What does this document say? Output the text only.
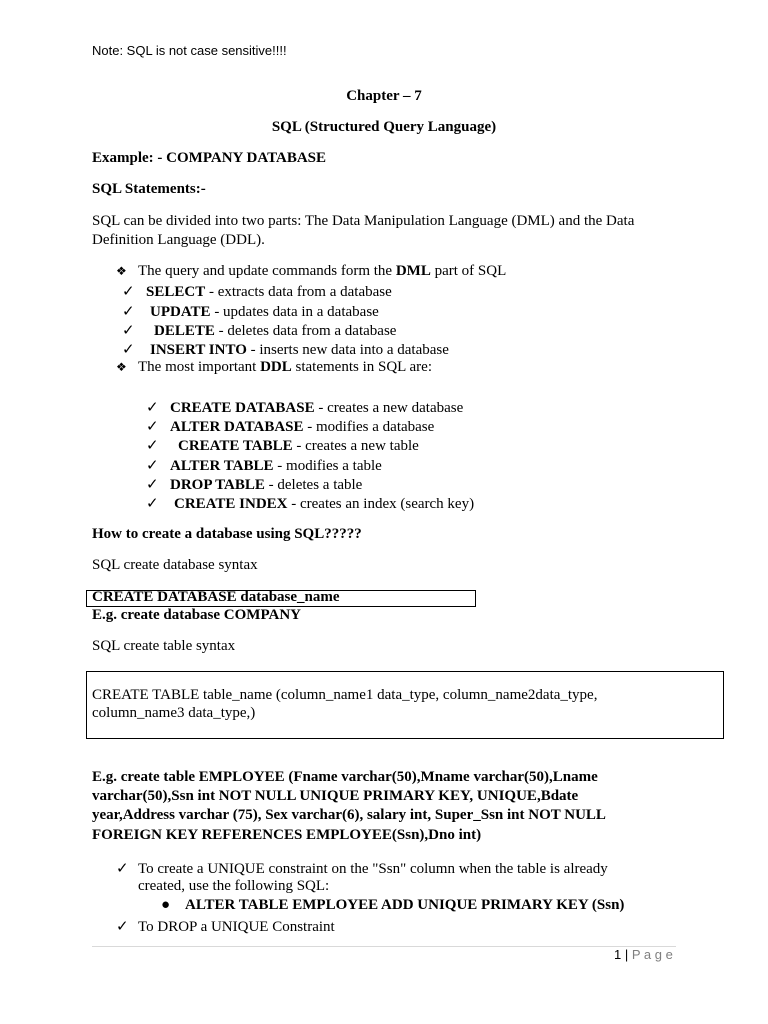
Note: SQL is not case sensitive!!!!
Chapter – 7
SQL (Structured Query Language)
Example: - COMPANY DATABASE
SQL Statements:-
SQL can be divided into two parts: The Data Manipulation Language (DML) and the Data
Definition Language (DDL).
❖ The query and update commands form the DML part of SQL
✓ SELECT - extracts data from a database
✓ UPDATE - updates data in a database
✓ DELETE - deletes data from a database
✓ INSERT INTO - inserts new data into a database
❖ The most important DDL statements in SQL are:
✓ CREATE DATABASE - creates a new database
✓ ALTER DATABASE - modifies a database
✓ CREATE TABLE - creates a new table
✓ ALTER TABLE - modifies a table
✓ DROP TABLE - deletes a table
✓ CREATE INDEX - creates an index (search key)
How to create a database using SQL?????
SQL create database syntax
CREATE DATABASE database_name
E.g. create database COMPANY
SQL create table syntax
CREATE TABLE table_name (column_name1 data_type, column_name2data_type,
column_name3 data_type,)
E.g. create table EMPLOYEE (Fname varchar(50),Mname varchar(50),Lname
varchar(50),Ssn int NOT NULL UNIQUE PRIMARY KEY, UNIQUE,Bdate
year,Address varchar (75), Sex varchar(6), salary int, Super_Ssn int NOT NULL
FOREIGN KEY REFERENCES EMPLOYEE(Ssn),Dno int)
✓ To create a UNIQUE constraint on the "Ssn" column when the table is already
created, use the following SQL:
● ALTER TABLE EMPLOYEE ADD UNIQUE PRIMARY KEY (Ssn)
✓ To DROP a UNIQUE Constraint
1 | P a g e
